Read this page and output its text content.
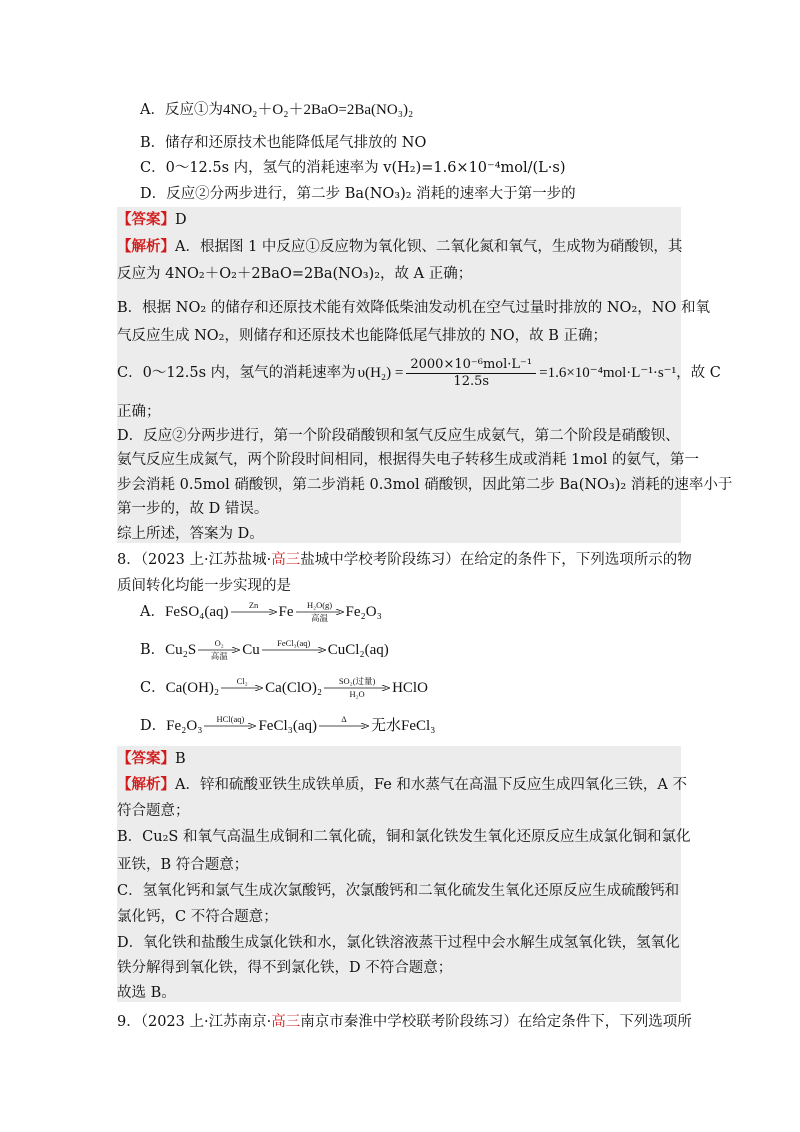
A．反应①为4NO₂＋O₂＋2BaO=2Ba(NO₃)₂
B．储存和还原技术也能降低尾气排放的 NO
C．0～12.5s 内，氢气的消耗速率为 v(H₂)=1.6×10⁻⁴mol/(L·s)
D．反应②分两步进行，第二步 Ba(NO₃)₂ 消耗的速率大于第一步的
【答案】D
【解析】A．根据图 1 中反应①反应物为氧化钡、二氧化氮和氧气，生成物为硝酸钡，其
反应为 4NO₂＋O₂＋2BaO=2Ba(NO₃)₂，故 A 正确；
B．根据 NO₂ 的储存和还原技术能有效降低柴油发动机在空气过量时排放的 NO₂，NO 和氧
气反应生成 NO₂，则储存和还原技术也能降低尾气排放的 NO，故 B 正确；
C．0～12.5s 内，氢气的消耗速率为 $\upsilon(H_2) = \frac{\text{2000×10⁻⁶mol·L⁻¹}}{12.5s} =1.6\times 10^{-4}mol\cdot L^{-1}\cdot s^{-1}$ ，故 C
正确；
D．反应②分两步进行，第一个阶段硝酸钡和氢气反应生成氨气，第二个阶段是硝酸钡、
氨气反应生成氮气，两个阶段时间相同，根据得失电子转移生成或消耗 1mol 的氨气，第一
步会消耗 0.5mol 硝酸钡，第二步消耗 0.3mol 硝酸钡，因此第二步 Ba(NO₃)₂ 消耗的速率小于
第一步的，故 D 错误。
综上所述，答案为 D。
8．（2023 上·江苏盐城·高三盐城中学校考阶段练习）在给定的条件下，下列选项所示的物
质间转化均能一步实现的是
A． FeSO₄(aq)	Zn	Fe	H₂O(g)
高温	Fe₂O₃
B． Cu₂S	O₂
高温 Cu	FeCl₃(aq)	CuCl₂(aq)
C． Ca(OH)₂	Cl₂	Ca(ClO)₂	SO₂(过量)
H₂O	HClO
D． Fe₂O₃	HCl(aq) FeCl₃(aq)	Δ	无水FeCl₃
【答案】B
【解析】A．锌和硫酸亚铁生成铁单质，Fe 和水蒸气在高温下反应生成四氧化三铁，A 不
符合题意；
B．Cu₂S 和氧气高温生成铜和二氧化硫，铜和氯化铁发生氧化还原反应生成氯化铜和氯化
亚铁，B 符合题意；
C．氢氧化钙和氯气生成次氯酸钙，次氯酸钙和二氧化硫发生氧化还原反应生成硫酸钙和
氯化钙，C 不符合题意；
D．氧化铁和盐酸生成氯化铁和水，氯化铁溶液蒸干过程中会水解生成氢氧化铁，氢氧化
铁分解得到氧化铁，得不到氯化铁，D 不符合题意；
故选 B。
9．（2023 上·江苏南京·高三南京市秦淮中学校联考阶段练习）在给定条件下，下列选项所
